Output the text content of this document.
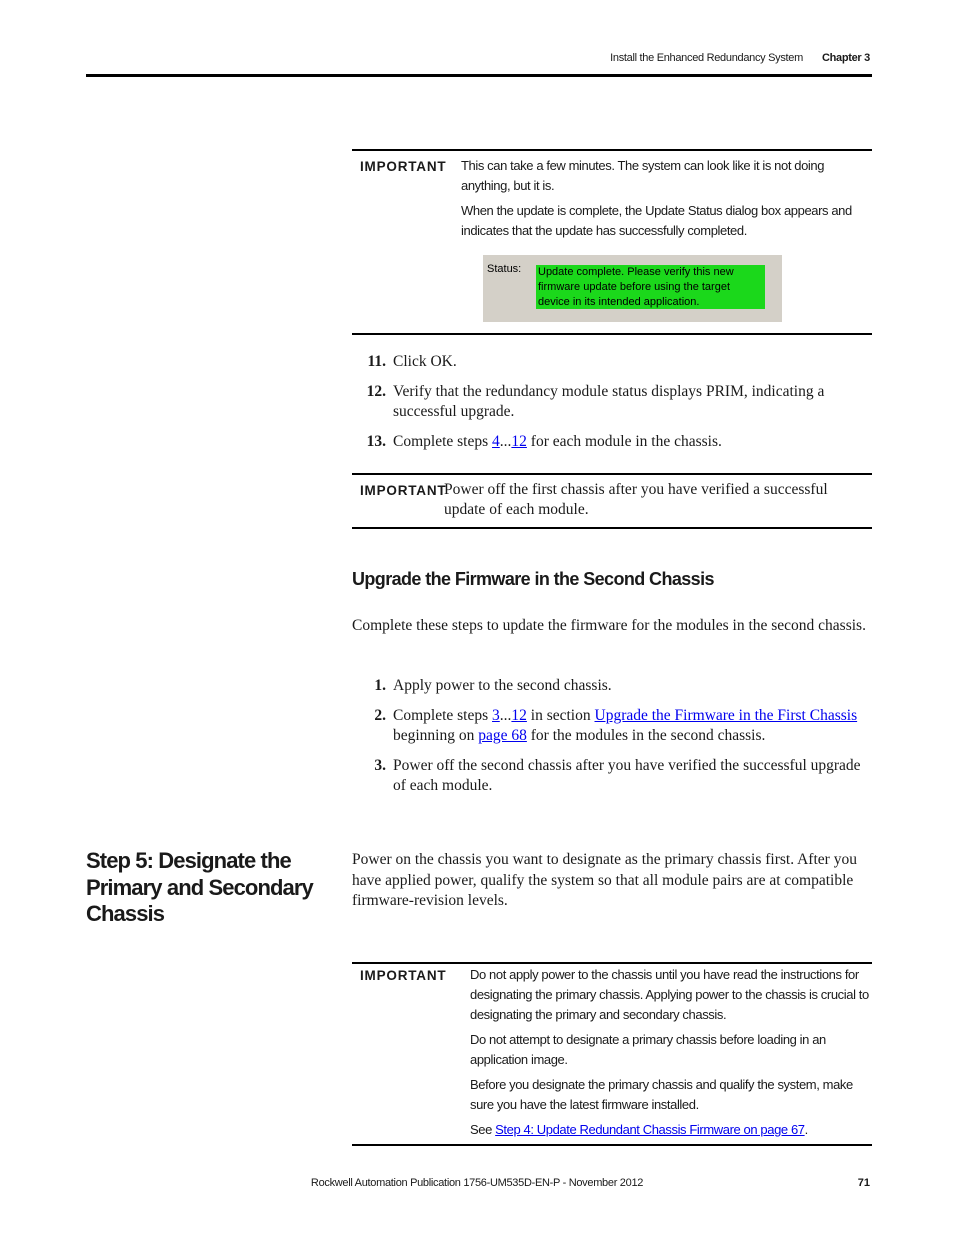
Install the Enhanced Redundancy System Chapter 3
IMPORTANT This can take a few minutes. The system can look like it is not doing anything, but it is.

When the update is complete, the Update Status dialog box appears and indicates that the update has successfully completed.

Status: Update complete. Please verify this new firmware update before using the target device in its intended application.
11. Click OK.
12. Verify that the redundancy module status displays PRIM, indicating a successful upgrade.
13. Complete steps 4...12 for each module in the chassis.
IMPORTANT
Power off the first chassis after you have verified a successful update of each module.
Upgrade the Firmware in the Second Chassis
Complete these steps to update the firmware for the modules in the second chassis.
1. Apply power to the second chassis.
2. Complete steps 3...12 in section Upgrade the Firmware in the First Chassis beginning on page 68 for the modules in the second chassis.
3. Power off the second chassis after you have verified the successful upgrade of each module.
Step 5: Designate the Primary and Secondary Chassis
Power on the chassis you want to designate as the primary chassis first. After you have applied power, qualify the system so that all module pairs are at compatible firmware-revision levels.
IMPORTANT Do not apply power to the chassis until you have read the instructions for designating the primary chassis. Applying power to the chassis is crucial to designating the primary and secondary chassis.

Do not attempt to designate a primary chassis before loading in an application image.

Before you designate the primary chassis and qualify the system, make sure you have the latest firmware installed.

See Step 4: Update Redundant Chassis Firmware on page 67.

Rockwell Automation Publication 1756-UM535D-EN-P - November 2012	71
